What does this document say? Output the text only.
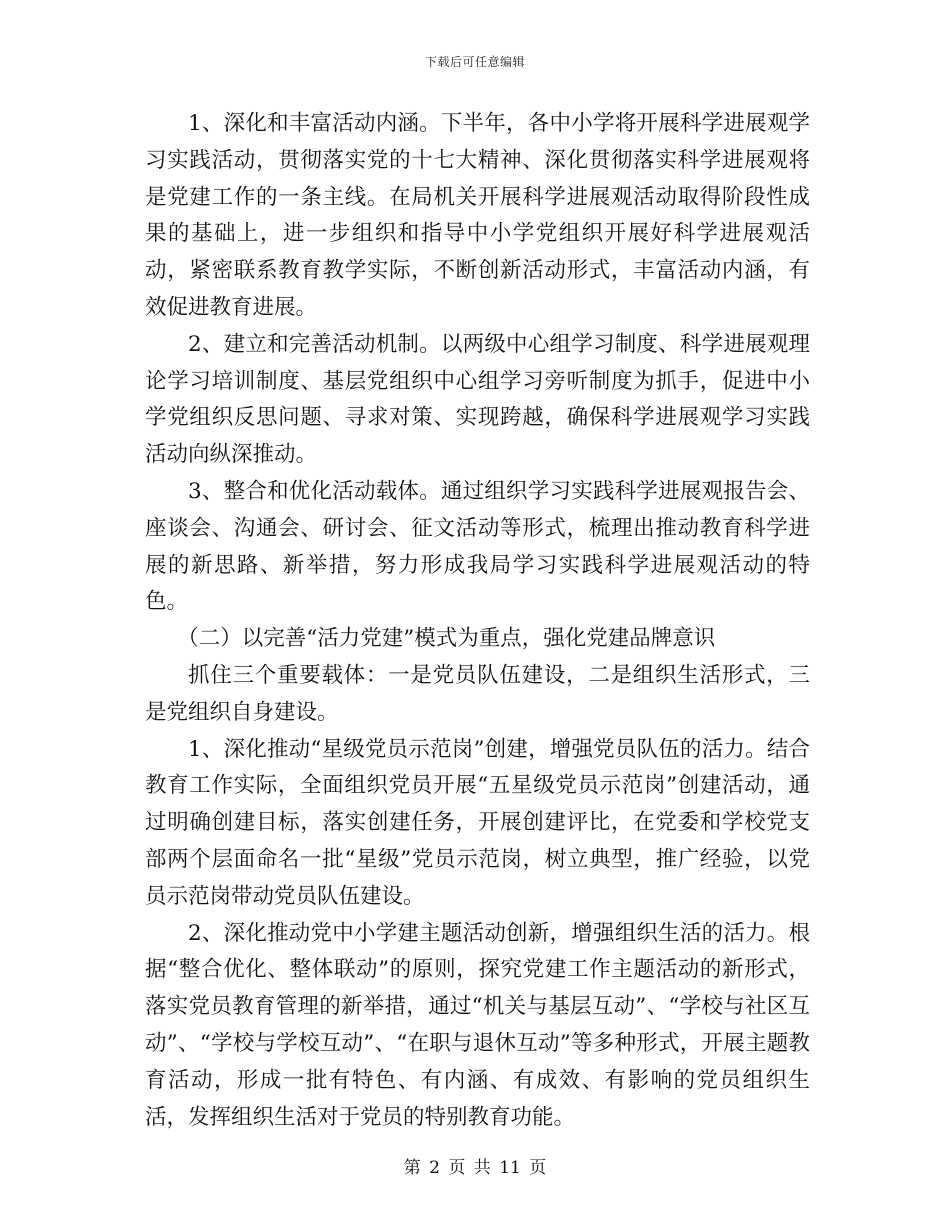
下载后可任意编辑

1、深化和丰富活动内涵。下半年，各中小学将开展科学进展观学习实践活动，贯彻落实党的十七大精神、深化贯彻落实科学进展观将是党建工作的一条主线。在局机关开展科学进展观活动取得阶段性成果的基础上，进一步组织和指导中小学党组织开展好科学进展观活动，紧密联系教育教学实际，不断创新活动形式，丰富活动内涵，有效促进教育进展。

2、建立和完善活动机制。以两级中心组学习制度、科学进展观理论学习培训制度、基层党组织中心组学习旁听制度为抓手，促进中小学党组织反思问题、寻求对策、实现跨越，确保科学进展观学习实践活动向纵深推动。

3、整合和优化活动载体。通过组织学习实践科学进展观报告会、座谈会、沟通会、研讨会、征文活动等形式，梳理出推动教育科学进展的新思路、新举措，努力形成我局学习实践科学进展观活动的特色。

（二）以完善“活力党建”模式为重点，强化党建品牌意识

抓住三个重要载体：一是党员队伍建设，二是组织生活形式，三是党组织自身建设。

1、深化推动“星级党员示范岗”创建，增强党员队伍的活力。结合教育工作实际，全面组织党员开展“五星级党员示范岗”创建活动，通过明确创建目标，落实创建任务，开展创建评比，在党委和学校党支部两个层面命名一批“星级”党员示范岗，树立典型，推广经验，以党员示范岗带动党员队伍建设。

2、深化推动党中小学建主题活动创新，增强组织生活的活力。根据“整合优化、整体联动”的原则，探究党建工作主题活动的新形式，落实党员教育管理的新举措，通过“机关与基层互动”、“学校与社区互动”、“学校与学校互动”、“在职与退休互动”等多种形式，开展主题教育活动，形成一批有特色、有内涵、有成效、有影响的党员组织生活，发挥组织生活对于党员的特别教育功能。

第 2 页 共 11 页
